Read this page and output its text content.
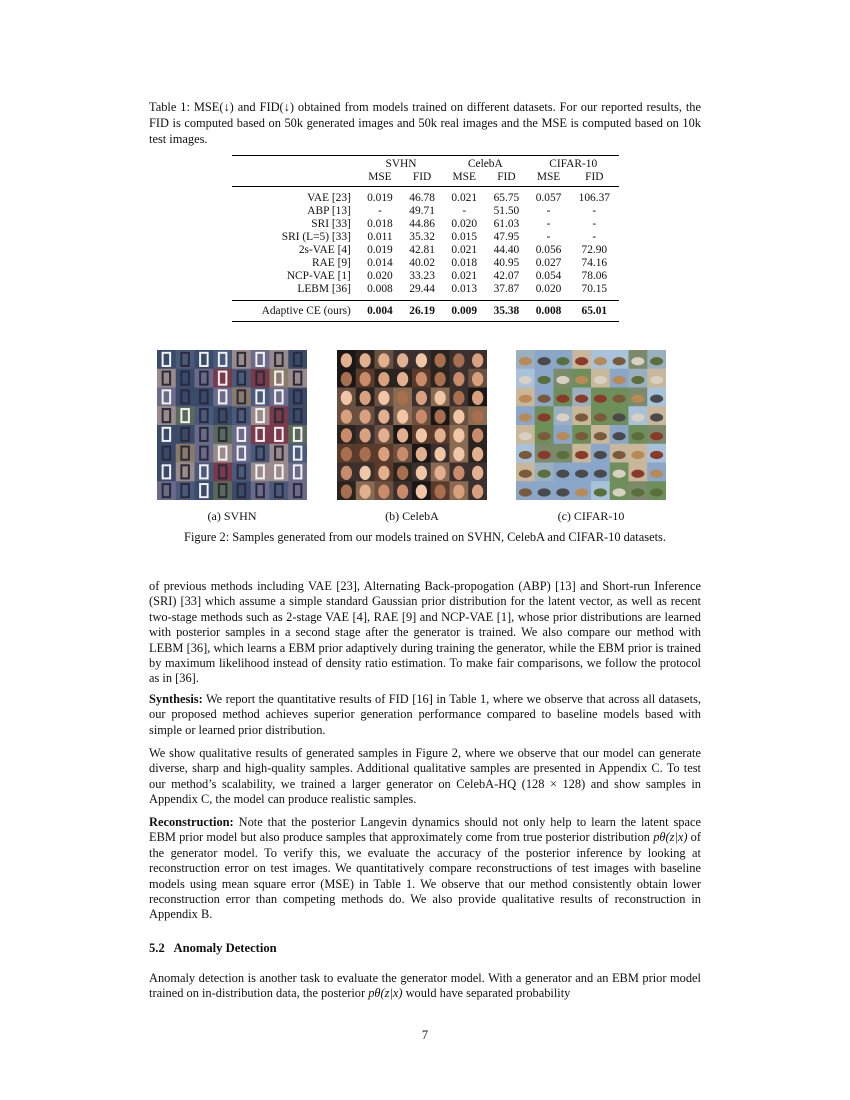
Table 1: MSE(↓) and FID(↓) obtained from models trained on different datasets. For our reported results, the FID is computed based on 50k generated images and 50k real images and the MSE is computed based on 10k test images.
	SVHN		CelebA		CIFAR-10	
	MSE	FID	MSE	FID	MSE	FID
VAE [23]	0.019	46.78	0.021	65.75	0.057	106.37
ABP [13]	-	49.71	-	51.50	-	-
SRI [33]	0.018	44.86	0.020	61.03	-	-
SRI (L=5) [33]	0.011	35.32	0.015	47.95	-	-
2s-VAE [4]	0.019	42.81	0.021	44.40	0.056	72.90
RAE [9]	0.014	40.02	0.018	40.95	0.027	74.16
NCP-VAE [1]	0.020	33.23	0.021	42.07	0.054	78.06
LEBM [36]	0.008	29.44	0.013	37.87	0.020	70.15
Adaptive CE (ours)	0.004	26.19	0.009	35.38	0.008	65.01
(a) SVHN	(b) CelebA	(c) CIFAR-10
Figure 2: Samples generated from our models trained on SVHN, CelebA and CIFAR-10 datasets.
of previous methods including VAE [23], Alternating Back-propogation (ABP) [13] and Short-run Inference (SRI) [33] which assume a simple standard Gaussian prior distribution for the latent vector, as well as recent two-stage methods such as 2-stage VAE [4], RAE [9] and NCP-VAE [1], whose prior distributions are learned with posterior samples in a second stage after the generator is trained. We also compare our method with LEBM [36], which learns a EBM prior adaptively during training the generator, while the EBM prior is trained by maximum likelihood instead of density ratio estimation. To make fair comparisons, we follow the protocol as in [36].
Synthesis: We report the quantitative results of FID [16] in Table 1, where we observe that across all datasets, our proposed method achieves superior generation performance compared to baseline models based with simple or learned prior distribution.
We show qualitative results of generated samples in Figure 2, where we observe that our model can generate diverse, sharp and high-quality samples. Additional qualitative samples are presented in Appendix C. To test our method’s scalability, we trained a larger generator on CelebA-HQ (128 × 128) and show samples in Appendix C, the model can produce realistic samples.
Reconstruction: Note that the posterior Langevin dynamics should not only help to learn the latent space EBM prior model but also produce samples that approximately come from true posterior distribution pθ(z|x) of the generator model. To verify this, we evaluate the accuracy of the posterior inference by looking at reconstruction error on test images. We quantitatively compare reconstructions of test images with baseline models using mean square error (MSE) in Table 1. We observe that our method consistently obtain lower reconstruction error than competing methods do. We also provide qualitative results of reconstruction in Appendix B.
5.2   Anomaly Detection
Anomaly detection is another task to evaluate the generator model. With a generator and an EBM prior model trained on in-distribution data, the posterior pθ(z|x) would have separated probability
7
